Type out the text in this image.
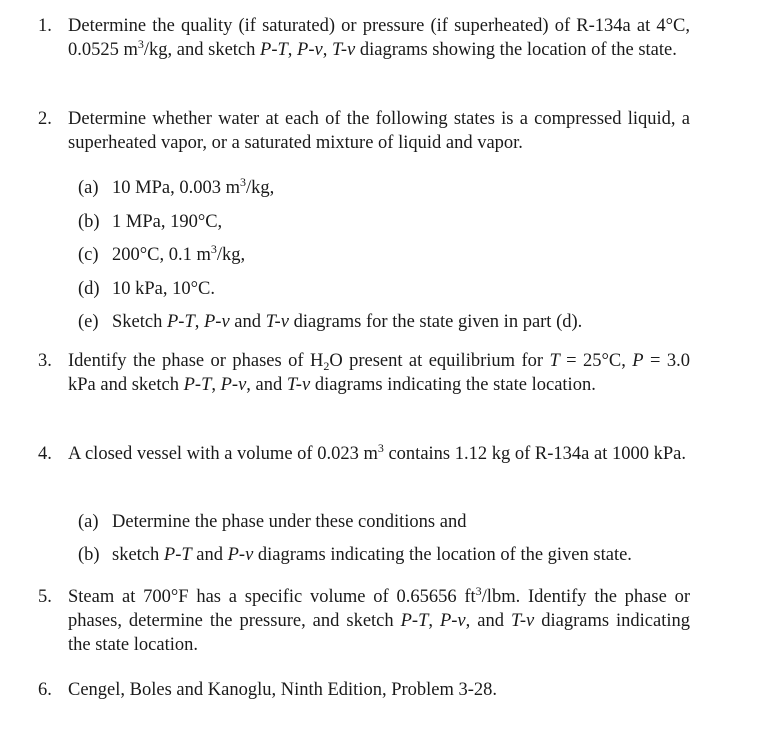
1. Determine the quality (if saturated) or pressure (if superheated) of R-134a at 4°C, 0.0525 $m^3/kg$, and sketch P-T, P-v, T-v diagrams showing the location of the state.
2. Determine whether water at each of the following states is a compressed liquid, a superheated vapor, or a saturated mixture of liquid and vapor.
(a) 10 MPa, 0.003 $m^3/kg$,
(b) 1 MPa, 190°C,
(c) 200°C, 0.1 $m^3/kg$,
(d) 10 kPa, 10°C.
(e) Sketch P-T, P-v and T-v diagrams for the state given in part (d).
3. Identify the phase or phases of $H_2O$ present at equilibrium for T = 25°C, P = 3.0 kPa and sketch P-T, P-v, and T-v diagrams indicating the state location.
4. A closed vessel with a volume of 0.023 $m^3$ contains 1.12 kg of R-134a at 1000 kPa.
(a) Determine the phase under these conditions and
(b) sketch P-T and P-v diagrams indicating the location of the given state.
5. Steam at 700°F has a specific volume of 0.65656 $ft^3$/lbm. Identify the phase or phases, determine the pressure, and sketch P-T, P-v, and T-v diagrams indicating the state location.
6. Cengel, Boles and Kanoglu, Ninth Edition, Problem 3-28.
